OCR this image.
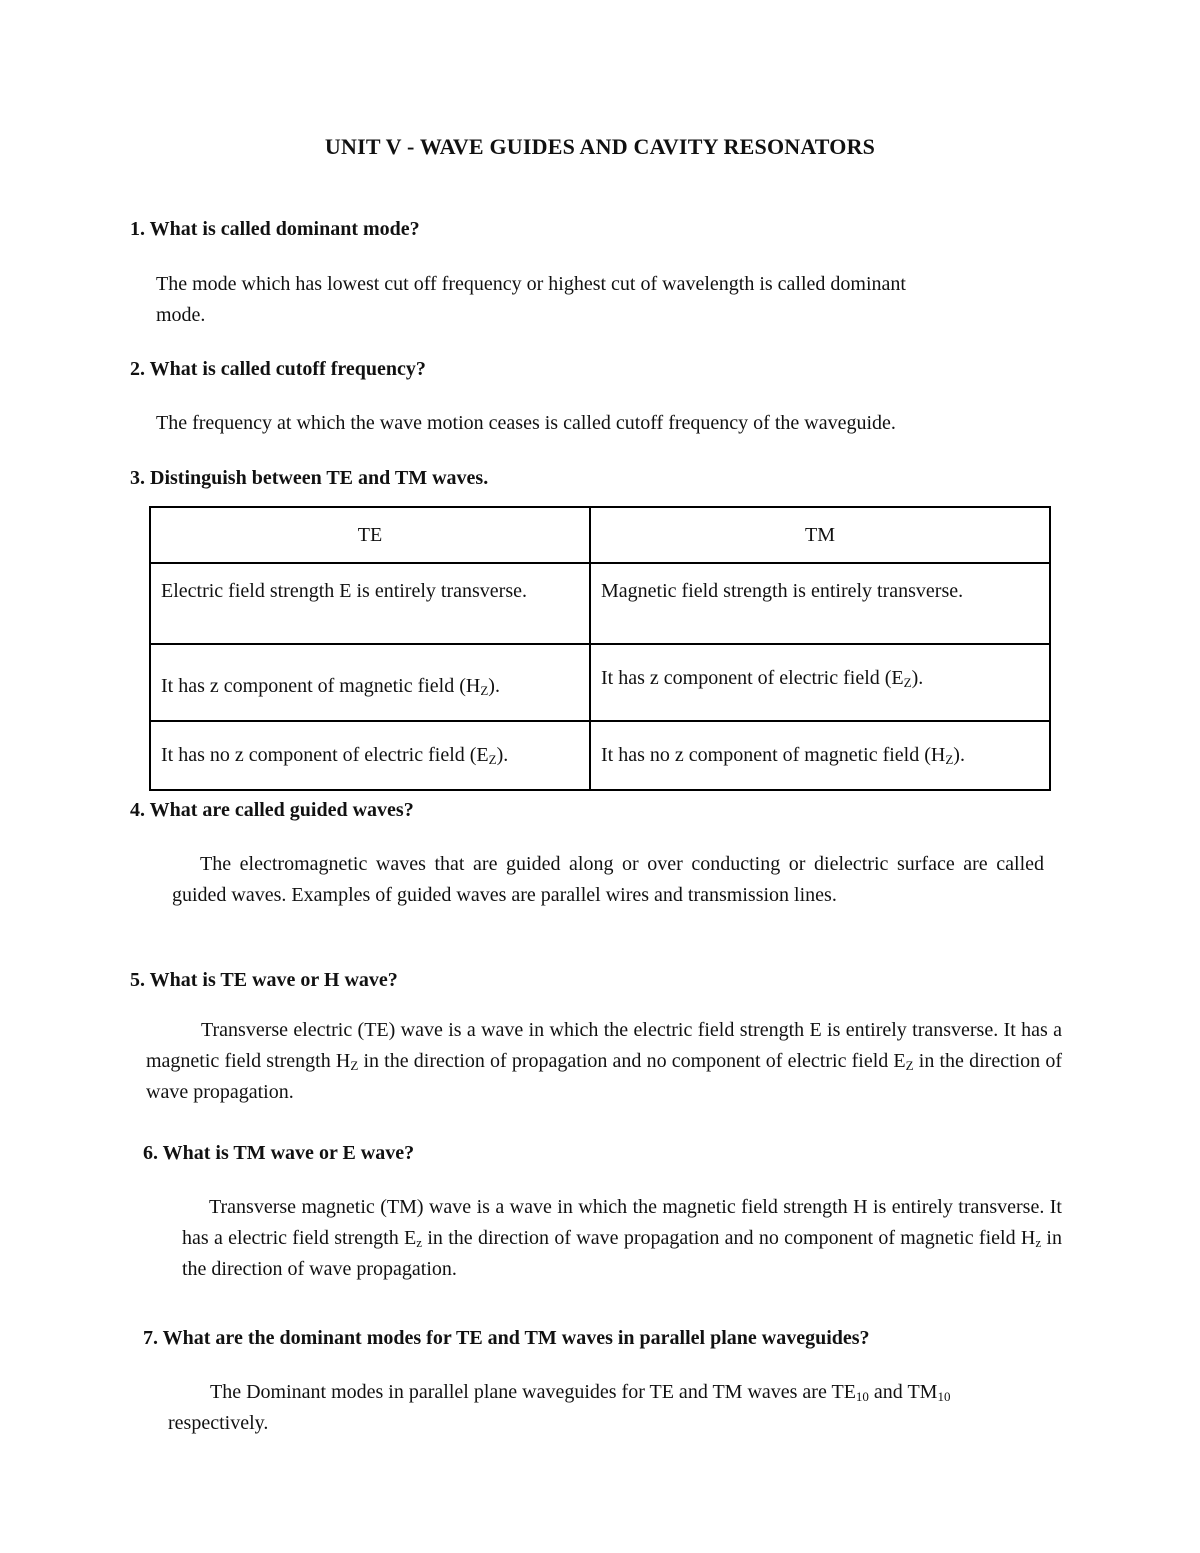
UNIT V - WAVE GUIDES AND CAVITY RESONATORS
1. What is called dominant mode?
The mode which has lowest cut off frequency or highest cut of wavelength is called dominant
mode.
2. What is called cutoff frequency?
The frequency at which the wave motion ceases is called cutoff frequency of the waveguide.
3. Distinguish between TE and TM waves.
TE	TM
Electric field strength E is entirely transverse.	Magnetic field strength is entirely transverse.
It has z component of magnetic field $(H_Z)$.	It has z component of electric field $(E_Z)$.
It has no z component of electric field $(E_Z)$.	It has no z component of magnetic field $(H_Z)$.
4. What are called guided waves?
The electromagnetic waves that are guided along or over conducting or dielectric surface are called guided waves. Examples of guided waves are parallel wires and transmission lines.
5. What is TE wave or H wave?
Transverse electric (TE) wave is a wave in which the electric field strength E is entirely transverse. It has a magnetic field strength $H_Z$ in the direction of propagation and no component of electric field $E_Z$ in the direction of wave propagation.
6. What is TM wave or E wave?
Transverse magnetic (TM) wave is a wave in which the magnetic field strength H is entirely transverse. It has a electric field strength $E_z$ in the direction of wave propagation and no component of magnetic field $H_z$ in the direction of wave propagation.
7. What are the dominant modes for TE and TM waves in parallel plane waveguides?
The Dominant modes in parallel plane waveguides for TE and TM waves are $TE_{10}$ and $TM_{10}$ respectively.
